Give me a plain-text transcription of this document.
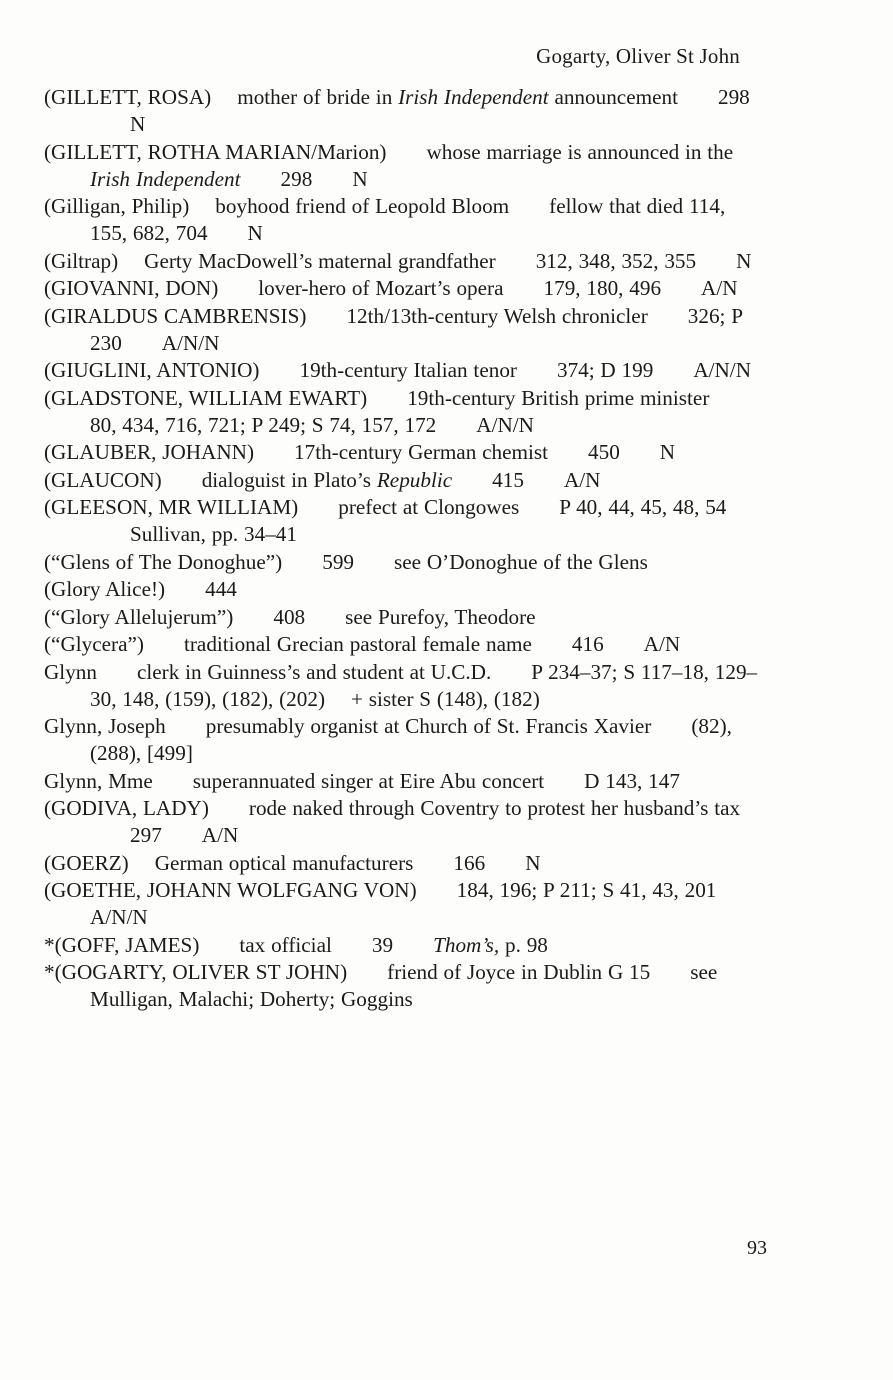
Gogarty, Oliver St John
(GILLETT, ROSA) mother of bride in Irish Independent announcement 298N
(GILLETT, ROTHA MARIAN/Marion) whose marriage is announced in the Irish Independent 298 N
(Gilligan, Philip) boyhood friend of Leopold Bloom fellow that died 114, 155, 682, 704 N
(Giltrap) Gerty MacDowell’s maternal grandfather 312, 348, 352, 355 N
(GIOVANNI, DON) lover-hero of Mozart’s opera 179, 180, 496 A/N
(GIRALDUS CAMBRENSIS) 12th/13th-century Welsh chronicler 326; P 230 A/N/N
(GIUGLINI, ANTONIO) 19th-century Italian tenor 374; D 199 A/N/N
(GLADSTONE, WILLIAM EWART) 19th-century British prime minister80, 434, 716, 721; P 249; S 74, 157, 172 A/N/N
(GLAUBER, JOHANN) 17th-century German chemist 450 N
(GLAUCON) dialoguist in Plato’s Republic 415 A/N
(GLEESON, MR WILLIAM) prefect at Clongowes P 40, 44, 45, 48, 54Sullivan, pp. 34–41
(“Glens of The Donoghue”) 599 see O’Donoghue of the Glens
(Glory Alice!) 444
(“Glory Allelujerum”) 408 see Purefoy, Theodore
(“Glycera”) traditional Grecian pastoral female name 416 A/N
Glynn clerk in Guinness’s and student at U.C.D. P 234–37; S 117–18, 129–30, 148, (159), (182), (202) + sister S (148), (182)
Glynn, Joseph presumably organist at Church of St. Francis Xavier (82), (288), [499]
Glynn, Mme superannuated singer at Eire Abu concert D 143, 147
(GODIVA, LADY) rode naked through Coventry to protest her husband’s tax297 A/N
(GOERZ) German optical manufacturers 166 N
(GOETHE, JOHANN WOLFGANG VON) 184, 196; P 211; S 41, 43, 201A/N/N
*(GOFF, JAMES) tax official 39 Thom’s, p. 98
*(GOGARTY, OLIVER ST JOHN) friend of Joyce in Dublin G 15 see Mulligan, Malachi; Doherty; Goggins
93
